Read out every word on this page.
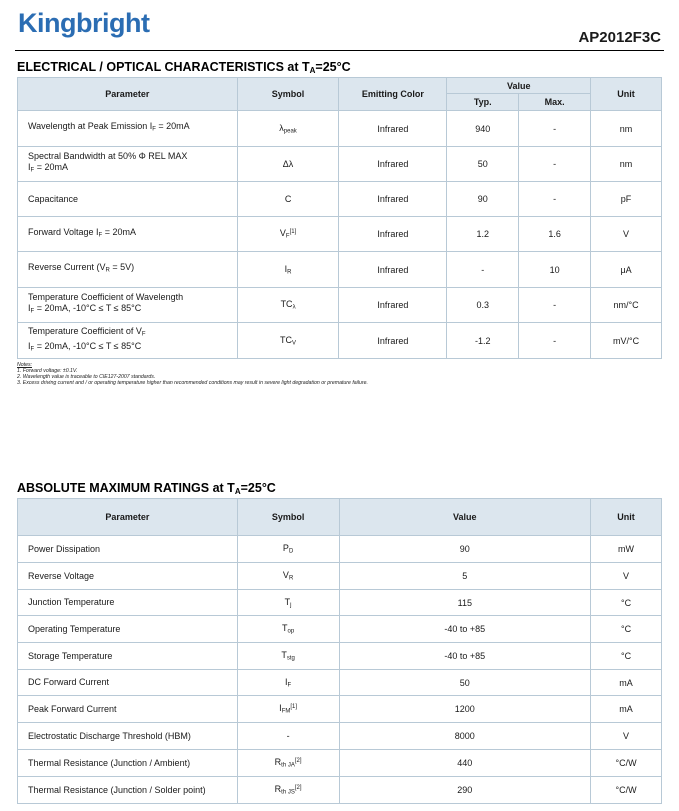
Kingbright	AP2012F3C
ELECTRICAL / OPTICAL CHARACTERISTICS at $T_A=25^\circ C$
Parameter	Symbol	Emitting Color	Value		Unit
			Typ.	Max.	

Wavelength at Peak Emission $I_F = 20mA$	$\lambda_{peak}$	Infrared	940	-	nm

Spectral Bandwidth at 50% Φ REL MAX
$I_F = 20mA$	Δλ	Infrared	50	-	nm

Capacitance	C	Infrared	90	-	pF

Forward Voltage $I_F = 20mA$	$V_F[1]$	Infrared	1.2	1.6	V

Reverse Current $(V_R = 5V)$	$I_R$	Infrared	-	10	μA

Temperature Coefficient of Wavelength
$I_F = 20mA$, -10°C ≤ T ≤ 85°C	$TC_\lambda$	Infrared	0.3	-	nm/°C

Temperature Coefficient of $V_F$
$I_F = 20mA$, -10°C ≤ T ≤ 85°C	$TC_V$	Infrared	-1.2	-	mV/°C
Notes:
1. Forward voltage: ±0.1V.
2. Wavelength value is traceable to CIE127-2007 standards.
3. Excess driving current and / or operating temperature higher than recommended conditions may result in severe light degradation or premature failure.
ABSOLUTE MAXIMUM RATINGS at $T_A=25^\circ C$
Parameter	Symbol	Value	Unit
Power Dissipation	$P_D$	90	mW
Reverse Voltage	$V_R$	5	V
Junction Temperature	$T_j$	115	°C
Operating Temperature	$T_{op}$	-40 to +85	°C
Storage Temperature	$T_{stg}$	-40 to +85	°C
DC Forward Current	$I_F$	50	mA
Peak Forward Current	$I_{FM}[1]$	1200	mA
Electrostatic Discharge Threshold (HBM)	-	8000	V
Thermal Resistance (Junction / Ambient)	$R_{th JA}[2]$	440	°C/W
Thermal Resistance (Junction / Solder point)	$R_{th JS}[2]$	290	°C/W
